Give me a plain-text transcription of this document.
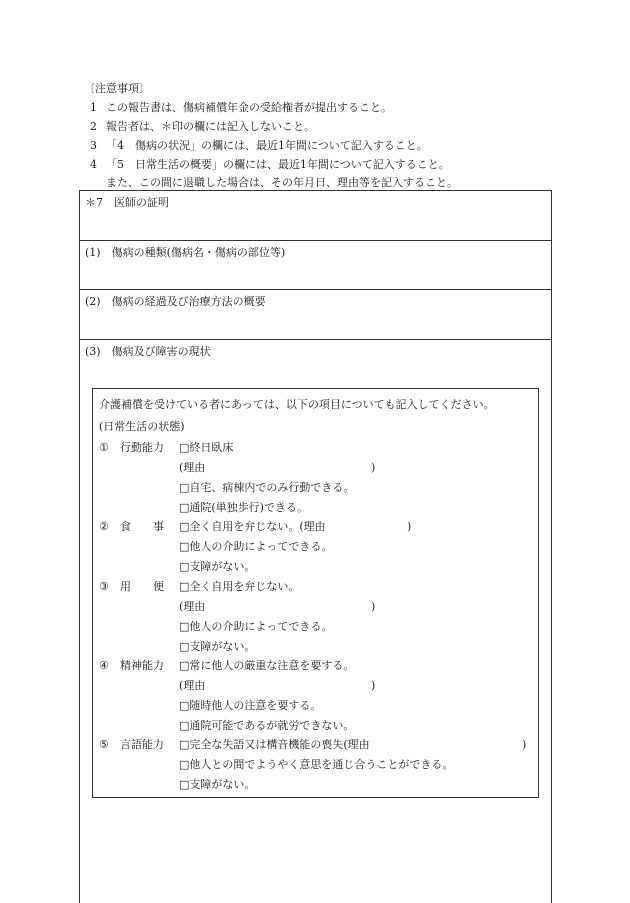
〔注意事項〕
1 この報告書は、傷病補償年金の受給権者が提出すること。
2 報告者は、＊印の欄には記入しないこと。
3 「4　傷病の状況」の欄には、最近1年間について記入すること。
4 「5　日常生活の概要」の欄には、最近1年間について記入すること。
また、この間に退職した場合は、その年月日、理由等を記入すること。
＊7　医師の証明
(1)　傷病の種類(傷病名・傷病の部位等)
(2)　傷病の経過及び治療方法の概要
(3)　傷病及び障害の現状
介護補償を受けている者にあっては、以下の項目についても記入してください。
(日常生活の状態)
① 行動能力 □終日臥床
(理由	)
□自宅、病棟内でのみ行動できる。
□通院(単独歩行)できる。
② 食　　事 □全く自用を弁じない。(理由	)
□他人の介助によってできる。
□支障がない。
③ 用　　便 □全く自用を弁じない。
(理由	)
□他人の介助によってできる。
□支障がない。
④ 精神能力 □常に他人の厳重な注意を要する。
(理由	)
□随時他人の注意を要する。
□通院可能であるが就労できない。
⑤ 言語能力 □完全な失語又は構音機能の喪失(理由	)
□他人との間でようやく意思を通じ合うことができる。
□支障がない。
